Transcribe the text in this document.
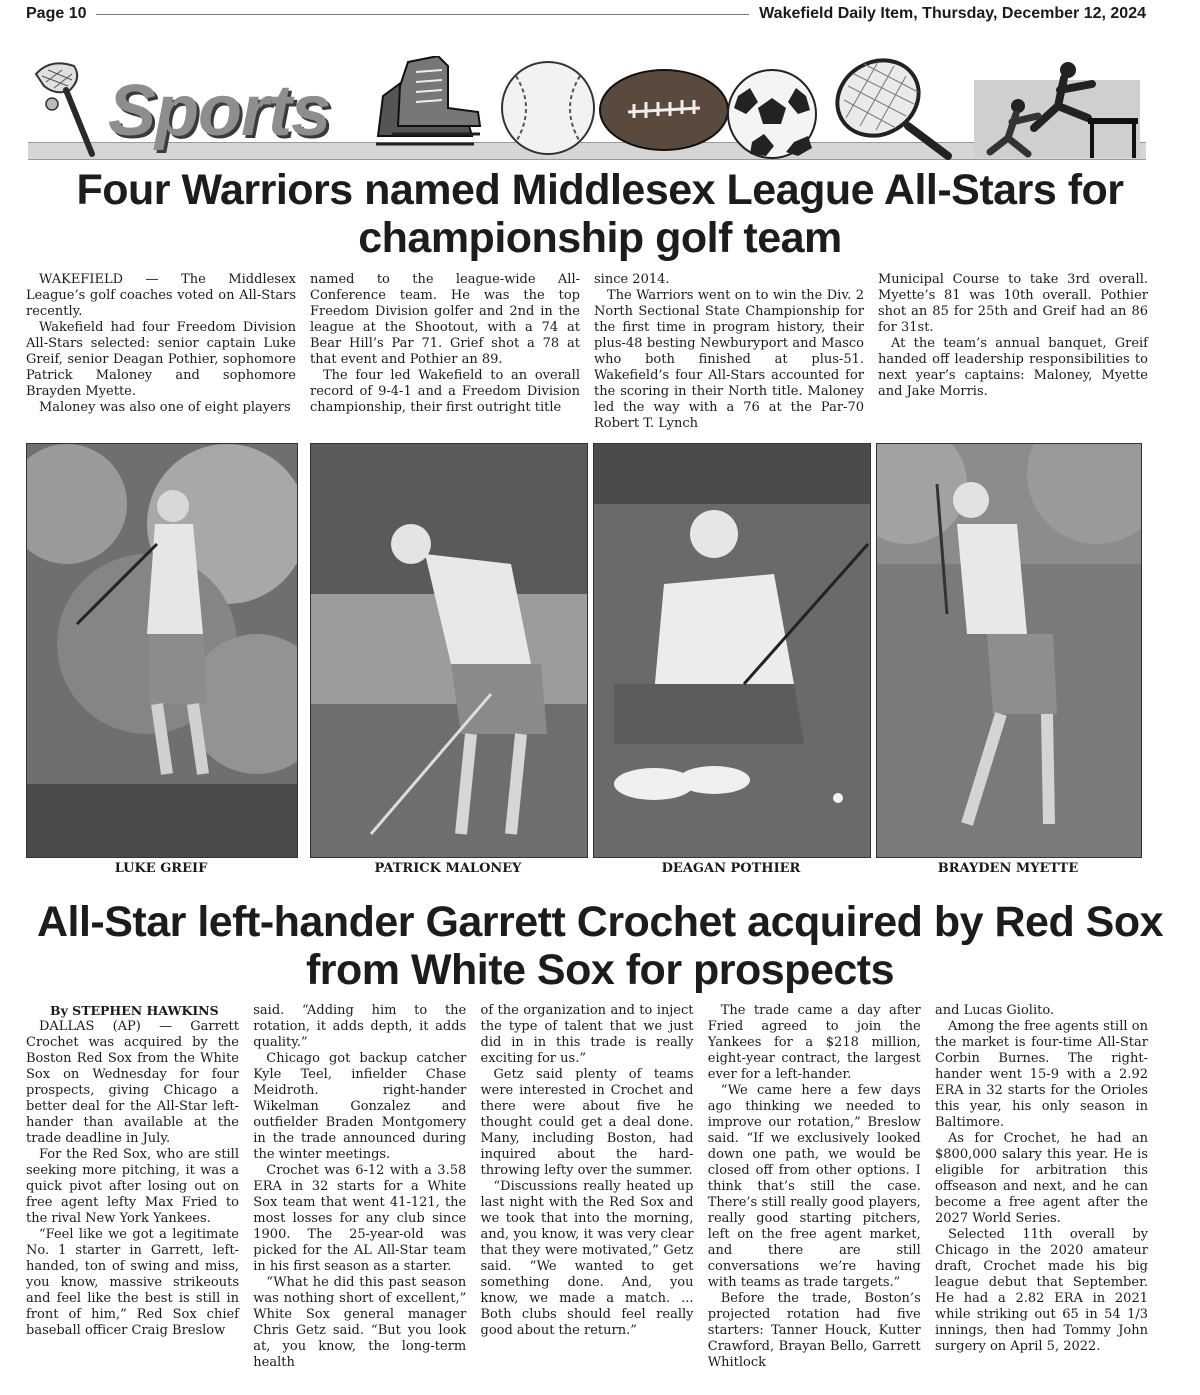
Page 10	Wakefield Daily Item, Thursday, December 12, 2024
Sports
Four Warriors named Middlesex League All-Stars for championship golf team

WAKEFIELD — The Middlesex League’s golf coaches voted on All-Stars recently.

Wakefield had four Freedom Division All-Stars selected: senior captain Luke Greif, senior Deagan Pothier, sophomore Patrick Maloney and sophomore Brayden Myette.

Maloney was also one of eight players

named to the league-wide All-Conference team. He was the top Freedom Division golfer and 2nd in the league at the Shootout, with a 74 at Bear Hill’s Par 71. Grief shot a 78 at that event and Pothier an 89.

The four led Wakefield to an overall record of 9-4-1 and a Freedom Division championship, their first outright title

since 2014.

The Warriors went on to win the Div. 2 North Sectional State Championship for the first time in program history, their plus-48 besting Newburyport and Masco who both finished at plus-51. Wakefield’s four All-Stars accounted for the scoring in their North title. Maloney led the way with a 76 at the Par-70 Robert T. Lynch

Municipal Course to take 3rd overall. Myette’s 81 was 10th overall. Pothier shot an 85 for 25th and Greif had an 86 for 31st.

At the team’s annual banquet, Greif handed off leadership responsibilities to next year’s captains: Maloney, Myette and Jake Morris.

LUKE GREIF	PATRICK MALONEY	DEAGAN POTHIER	BRAYDEN MYETTE
All-Star left-hander Garrett Crochet acquired by Red Sox from White Sox for prospects

By STEPHEN HAWKINS

DALLAS (AP) — Garrett Crochet was acquired by the Boston Red Sox from the White Sox on Wednesday for four prospects, giving Chicago a better deal for the All-Star left-hander than available at the trade deadline in July.

For the Red Sox, who are still seeking more pitching, it was a quick pivot after losing out on free agent lefty Max Fried to the rival New York Yankees.

“Feel like we got a legitimate No. 1 starter in Garrett, left-handed, ton of swing and miss, you know, massive strikeouts and feel like the best is still in front of him,” Red Sox chief baseball officer Craig Breslow

said. “Adding him to the rotation, it adds depth, it adds quality.”

Chicago got backup catcher Kyle Teel, infielder Chase Meidroth. right-hander Wikelman Gonzalez and outfielder Braden Montgomery in the trade announced during the winter meetings.

Crochet was 6-12 with a 3.58 ERA in 32 starts for a White Sox team that went 41-121, the most losses for any club since 1900. The 25-year-old was picked for the AL All-Star team in his first season as a starter.

“What he did this past season was nothing short of excellent,” White Sox general manager Chris Getz said. “But you look at, you know, the long-term health

of the organization and to inject the type of talent that we just did in in this trade is really exciting for us.”

Getz said plenty of teams were interested in Crochet and there were about five he thought could get a deal done. Many, including Boston, had inquired about the hard-throwing lefty over the summer.

“Discussions really heated up last night with the Red Sox and we took that into the morning, and, you know, it was very clear that they were motivated,” Getz said. “We wanted to get something done. And, you know, we made a match. ... Both clubs should feel really good about the return.”

The trade came a day after Fried agreed to join the Yankees for a $218 million, eight-year contract, the largest ever for a left-hander.

“We came here a few days ago thinking we needed to improve our rotation,” Breslow said. “If we exclusively looked down one path, we would be closed off from other options. I think that’s still the case. There’s still really good players, really good starting pitchers, left on the free agent market, and there are still conversations we’re having with teams as trade targets.”

Before the trade, Boston’s projected rotation had five starters: Tanner Houck, Kutter Crawford, Brayan Bello, Garrett Whitlock

and Lucas Giolito.

Among the free agents still on the market is four-time All-Star Corbin Burnes. The right-hander went 15-9 with a 2.92 ERA in 32 starts for the Orioles this year, his only season in Baltimore.

As for Crochet, he had an $800,000 salary this year. He is eligible for arbitration this offseason and next, and he can become a free agent after the 2027 World Series.

Selected 11th overall by Chicago in the 2020 amateur draft, Crochet made his big league debut that September. He had a 2.82 ERA in 2021 while striking out 65 in 54 1/3 innings, then had Tommy John surgery on April 5, 2022.
